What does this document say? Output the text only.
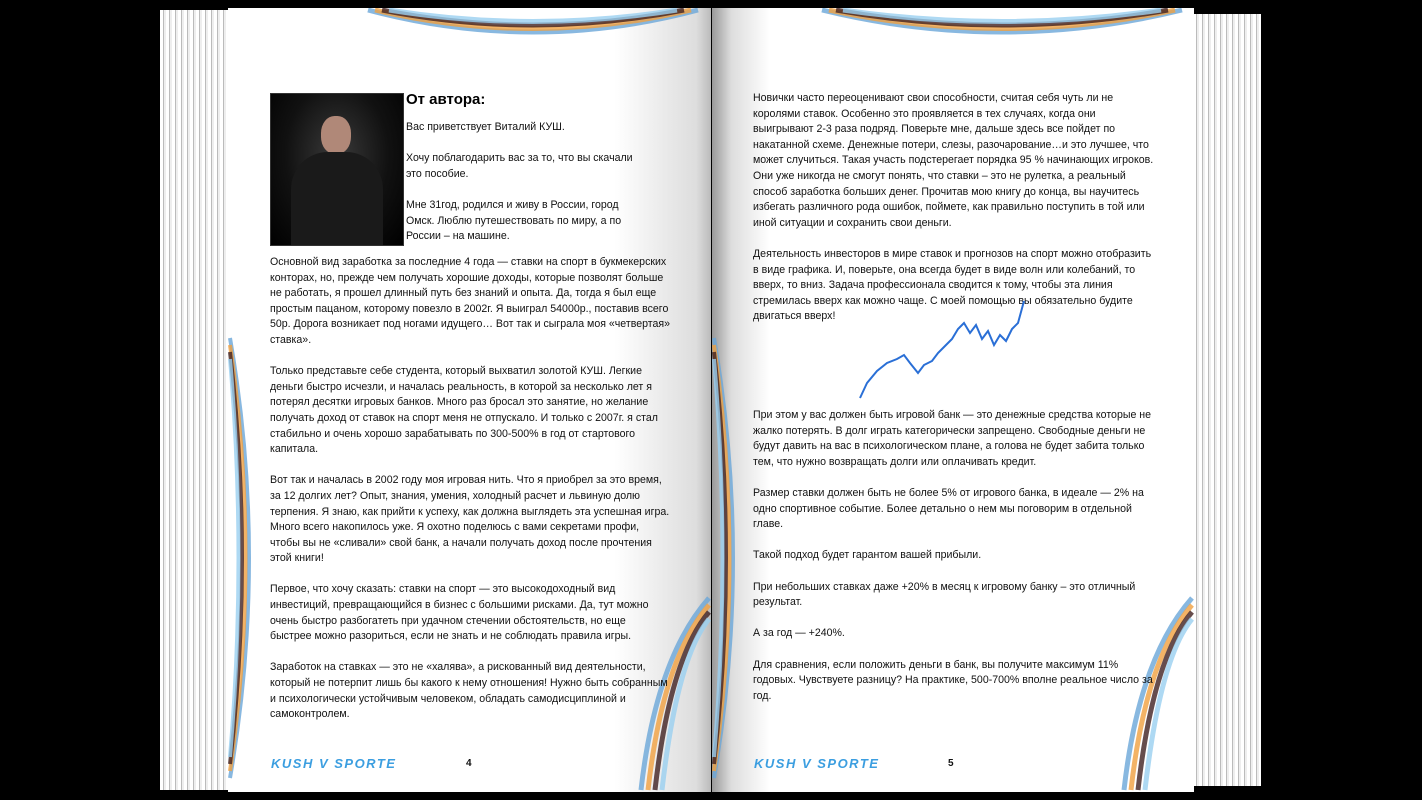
От автора:

Вас приветствует Виталий КУШ.

Хочу поблагодарить вас за то, что вы скачали это пособие.

Мне 31год, родился и живу в России, город Омск. Люблю путешествовать по миру, а по России – на машине.

Основной вид заработка за последние 4 года — ставки на спорт в букмекерских конторах, но, прежде чем получать хорошие доходы, которые позволят больше не работать, я прошел длинный путь без знаний и опыта. Да, тогда я был еще простым пацаном, которому повезло в 2002г. Я выиграл 54000р., поставив всего 50р. Дорога возникает под ногами идущего… Вот так и сыграла моя «четвертая» ставка».

Только представьте себе студента, который выхватил золотой КУШ. Легкие деньги быстро исчезли, и началась реальность, в которой за несколько лет я потерял десятки игровых банков. Много раз бросал это занятие, но желание получать доход от ставок на спорт меня не отпускало. И только с 2007г. я стал стабильно и очень хорошо зарабатывать по 300-500% в год от стартового капитала.

Вот так и началась в 2002 году моя игровая нить. Что я приобрел за это время, за 12 долгих лет? Опыт, знания, умения, холодный расчет и львиную долю терпения. Я знаю, как прийти к успеху, как должна выглядеть эта успешная игра. Много всего накопилось уже. Я охотно поделюсь с вами секретами профи, чтобы вы не «сливали» свой банк, а начали получать доход после прочтения этой книги!

Первое, что хочу сказать: ставки на спорт — это высокодоходный вид инвестиций, превращающийся в бизнес с большими рисками. Да, тут можно очень быстро разбогатеть при удачном стечении обстоятельств, но еще быстрее можно разориться, если не знать и не соблюдать правила игры.

Заработок на ставках — это не «халява», а рискованный вид деятельности, который не потерпит лишь бы какого к нему отношения! Нужно быть собранным и психологически устойчивым человеком, обладать самодисциплиной и самоконтролем.

KUSH V SPORTE	4

Новички часто переоценивают свои способности, считая себя чуть ли не королями ставок. Особенно это проявляется в тех случаях, когда они выигрывают 2-3 раза подряд. Поверьте мне, дальше здесь все пойдет по накатанной схеме. Денежные потери, слезы, разочарование…и это лучшее, что может случиться. Такая участь подстерегает порядка 95 % начинающих игроков. Они уже никогда не смогут понять, что ставки – это не рулетка, а реальный способ заработка больших денег. Прочитав мою книгу до конца, вы научитесь избегать различного рода ошибок, поймете, как правильно поступить в той или иной ситуации и сохранить свои деньги.

Деятельность инвесторов в мире ставок и прогнозов на спорт можно отобразить в виде графика. И, поверьте, она всегда будет в виде волн или колебаний, то вверх, то вниз. Задача профессионала сводится к тому, чтобы эта линия стремилась вверх как можно чаще. С моей помощью вы обязательно будите двигаться вверх!

При этом у вас должен быть игровой банк — это денежные средства которые не жалко потерять. В долг играть категорически запрещено. Свободные деньги не будут давить на вас в психологическом плане, а голова не будет забита только тем, что нужно возвращать долги или оплачивать кредит.

Размер ставки должен быть не более 5% от игрового банка, в идеале — 2% на одно спортивное событие. Более детально о нем мы поговорим в отдельной главе.

Такой подход будет гарантом вашей прибыли.

При небольших ставках даже +20% в месяц к игровому банку – это отличный результат.

А за год — +240%.

Для сравнения, если положить деньги в банк, вы получите максимум 11% годовых. Чувствуете разницу? На практике, 500-700% вполне реальное число за год.

KUSH V SPORTE	5
